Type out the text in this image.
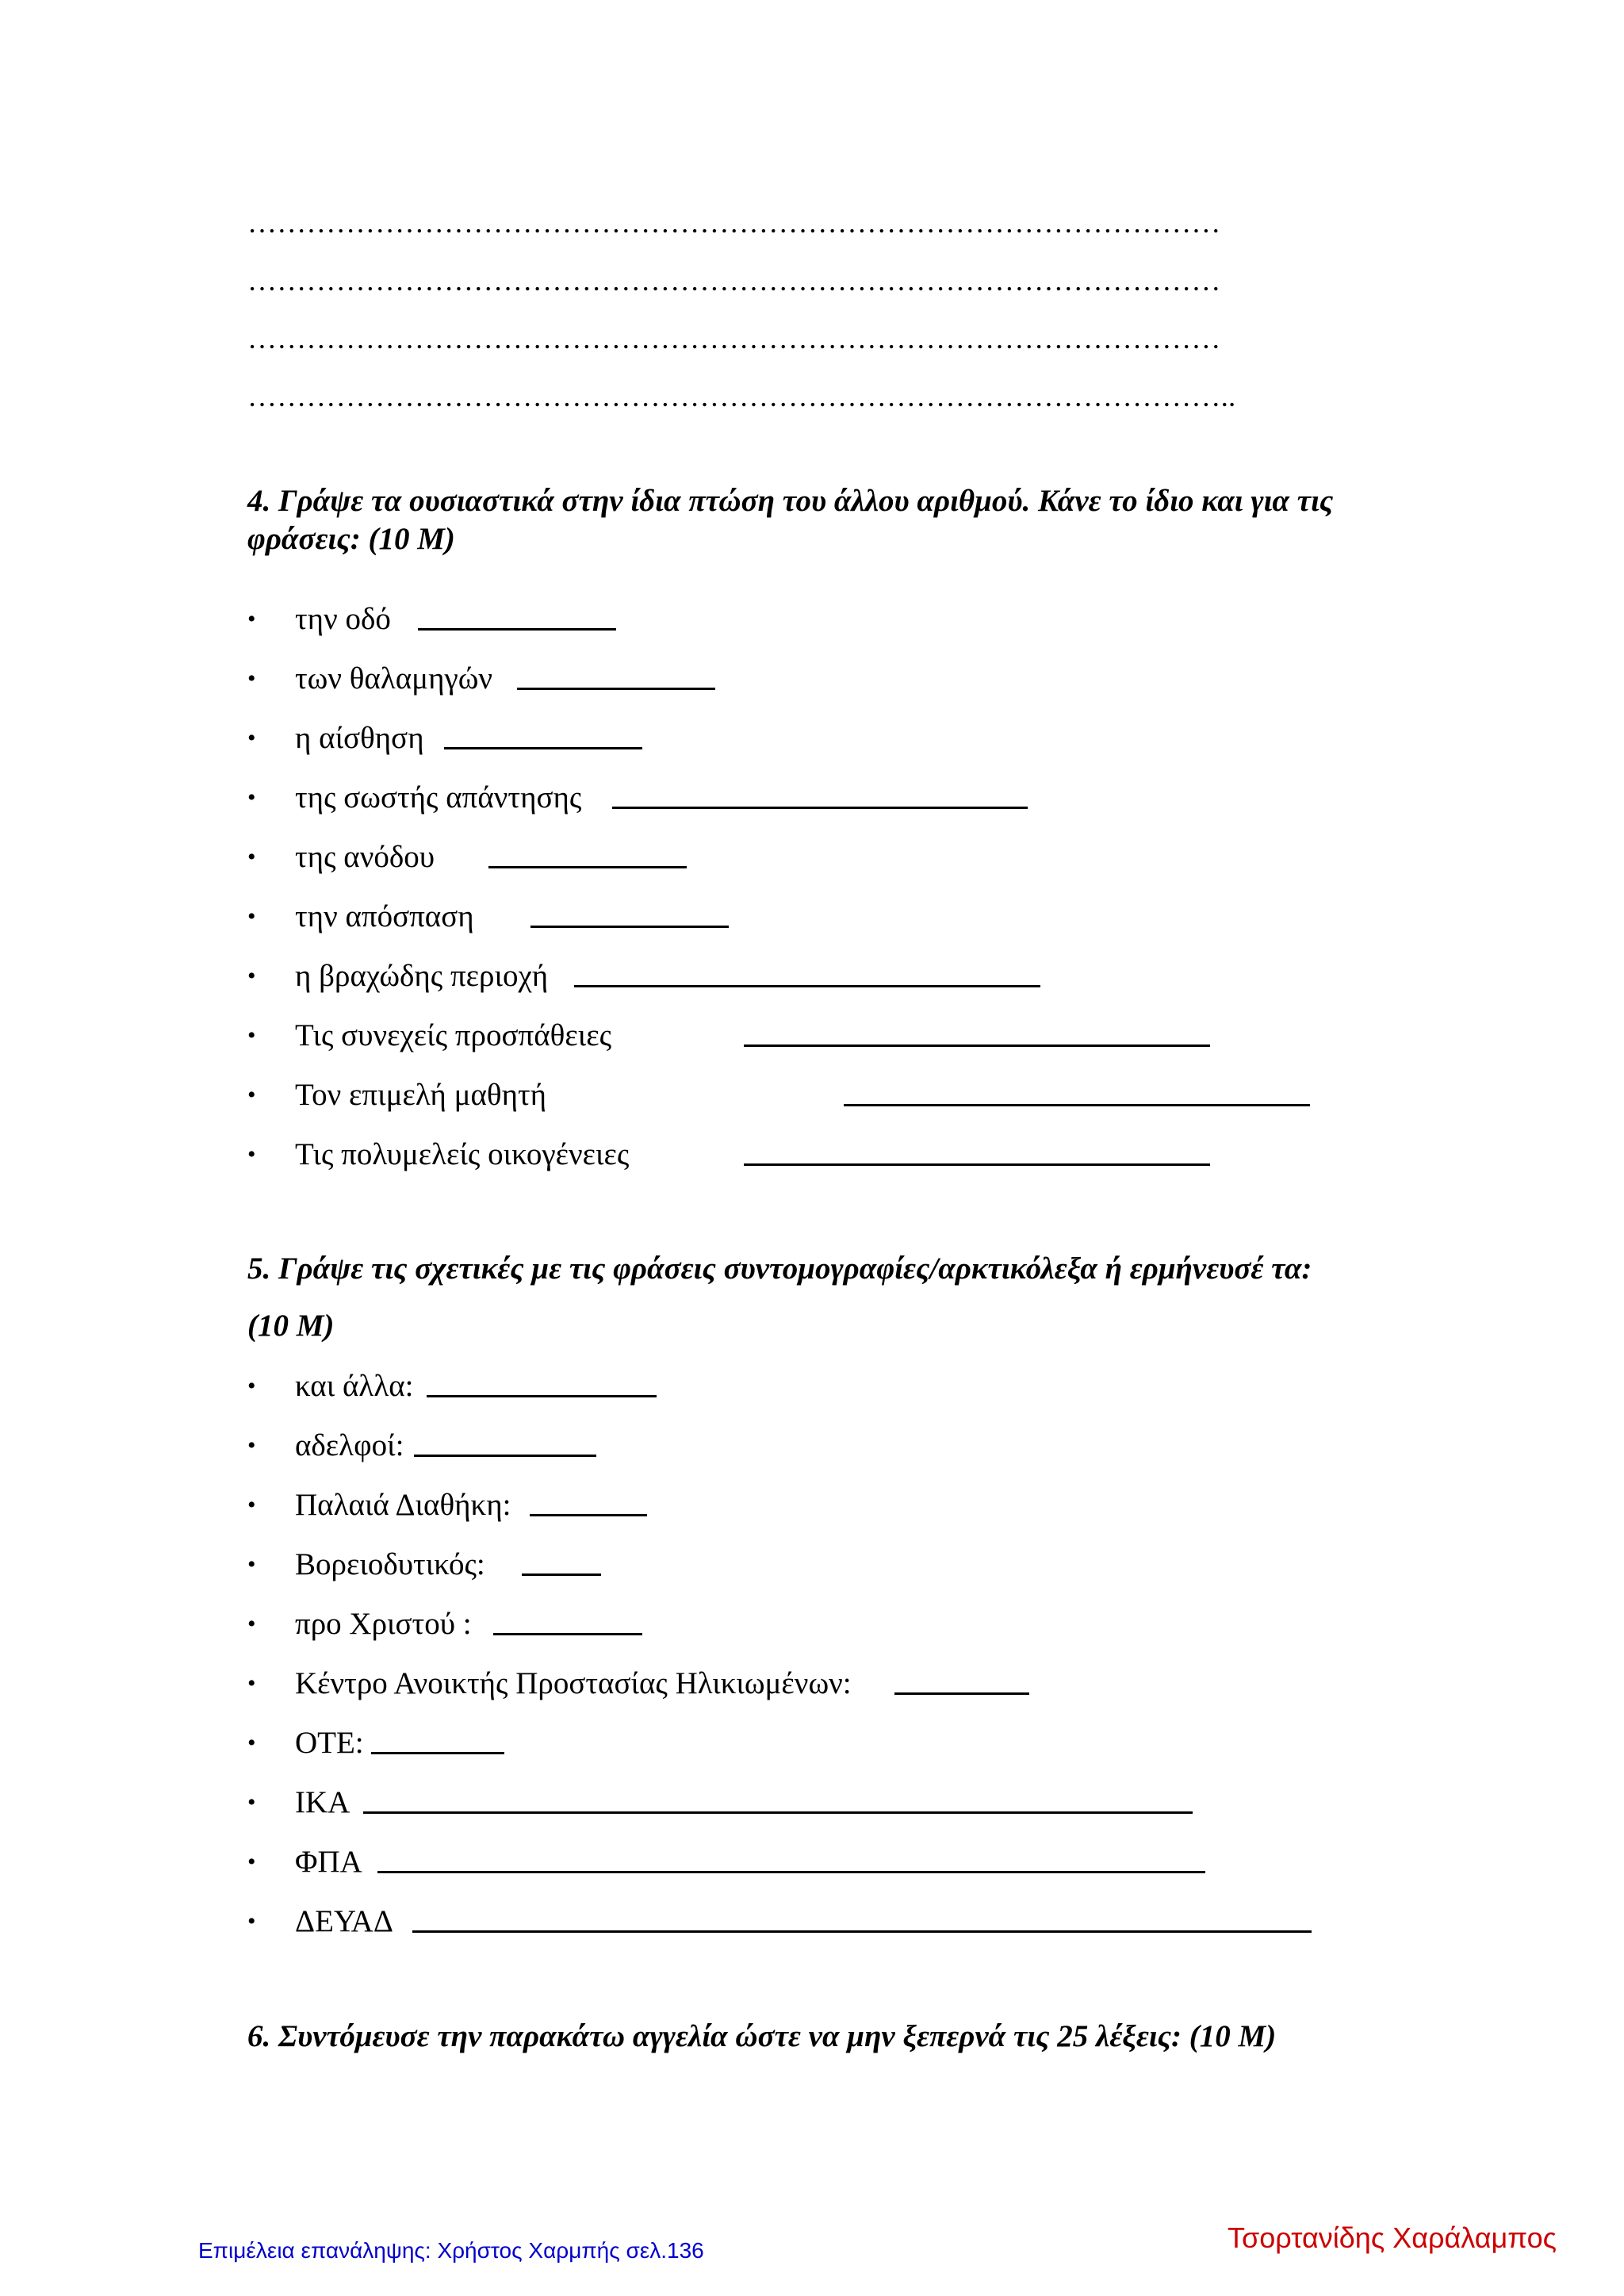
………………………………………………………………………………………
………………………………………………………………………………………
………………………………………………………………………………………
………………………………………………………………………………………..
4. Γράψε τα ουσιαστικά στην ίδια πτώση του άλλου αριθμού. Κάνε το ίδιο και για τις φράσεις: (10 Μ)
• την οδό
• των θαλαμηγών
• η αίσθηση
• της σωστής απάντησης
• της ανόδου
• την απόσπαση
• η βραχώδης περιοχή
• Τις συνεχείς προσπάθειες
• Τον επιμελή μαθητή
• Τις πολυμελείς οικογένειες
5. Γράψε τις σχετικές με τις φράσεις συντομογραφίες/αρκτικόλεξα ή ερμήνευσέ τα:
(10 Μ)
• και άλλα:
• αδελφοί:
• Παλαιά Διαθήκη:
• Βορειοδυτικός:
• προ Χριστού :
• Κέντρο Ανοικτής Προστασίας Ηλικιωμένων:
• ΟΤΕ:
• ΙΚΑ
• ΦΠΑ
• ΔΕΥΑΔ
6. Συντόμευσε την παρακάτω αγγελία ώστε να μην ξεπερνά τις 25 λέξεις: (10 Μ)
Επιμέλεια επανάληψης: Χρήστος Χαρμπής σελ.136	Τσορτανίδης Χαράλαμπος
